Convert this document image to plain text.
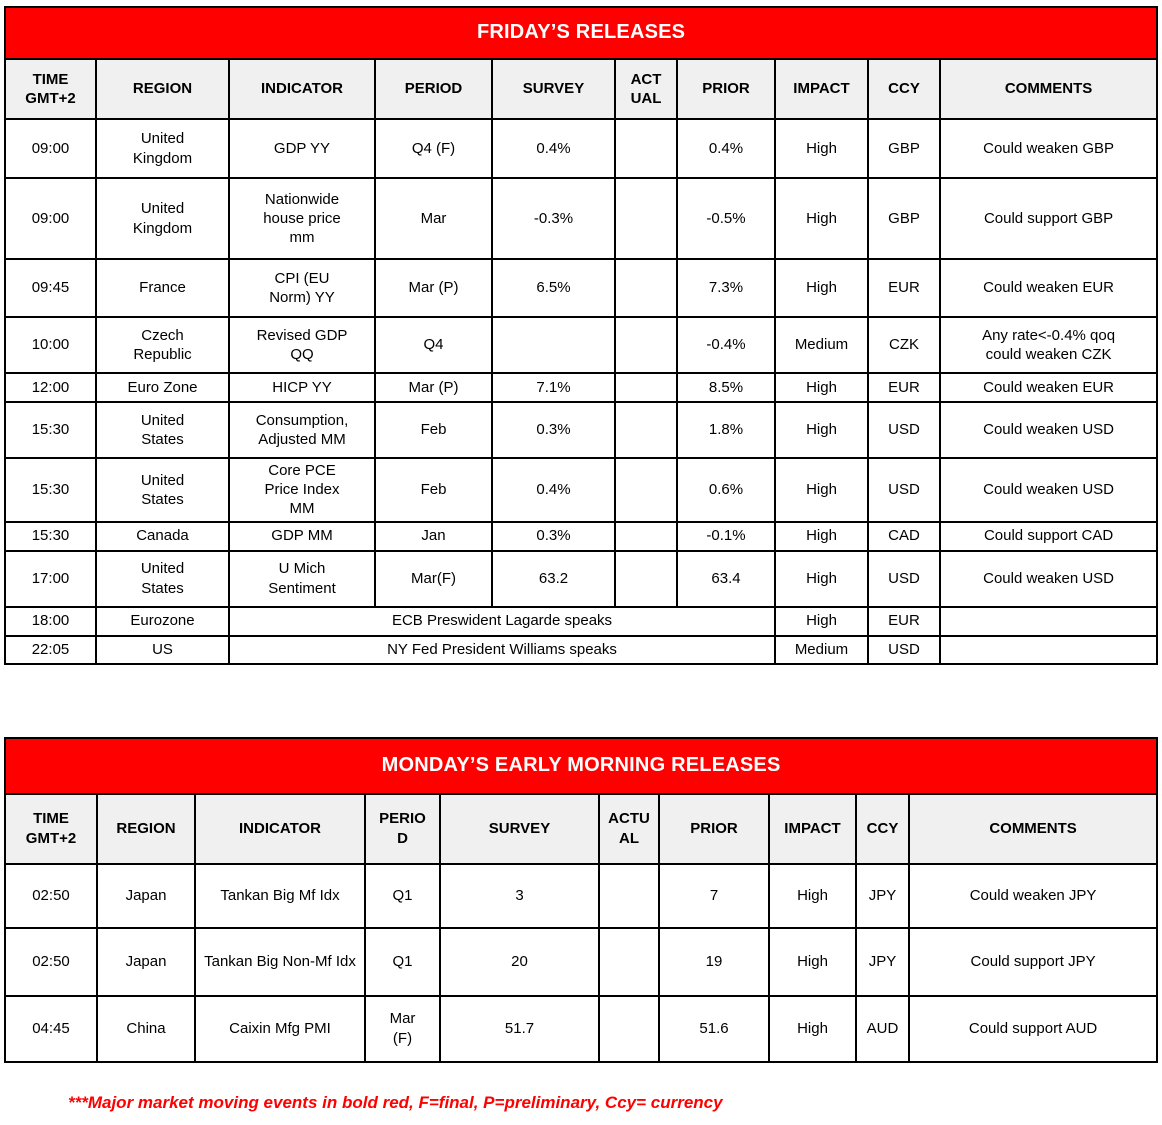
FRIDAY’S RELEASES									
TIME GMT+2	REGION	INDICATOR	PERIOD	SURVEY	ACTUAL	PRIOR	IMPACT	CCY	COMMENTS
09:00	United Kingdom	GDP YY	Q4 (F)	0.4%		0.4%	High	GBP	Could weaken GBP
09:00	United Kingdom	Nationwide house price mm	Mar	-0.3%		-0.5%	High	GBP	Could support GBP
09:45	France	CPI (EU Norm) YY	Mar (P)	6.5%		7.3%	High	EUR	Could weaken EUR
10:00	Czech Republic	Revised GDP QQ	Q4			-0.4%	Medium	CZK	Any rate<-0.4% qoq could weaken CZK
12:00	Euro Zone	HICP YY	Mar (P)	7.1%		8.5%	High	EUR	Could weaken EUR
15:30	United States	Consumption, Adjusted MM	Feb	0.3%		1.8%	High	USD	Could weaken USD
15:30	United States	Core PCE Price Index MM	Feb	0.4%		0.6%	High	USD	Could weaken USD
15:30	Canada	GDP MM	Jan	0.3%		-0.1%	High	CAD	Could support CAD
17:00	United States	U Mich Sentiment	Mar(F)	63.2		63.4	High	USD	Could weaken USD
18:00	Eurozone	ECB Preswident Lagarde speaks					High	EUR	
22:05	US	NY Fed President Williams speaks					Medium	USD	
MONDAY’S EARLY MORNING RELEASES									
TIME GMT+2	REGION	INDICATOR	PERIOD	SURVEY	ACTUAL	PRIOR	IMPACT	CCY	COMMENTS
02:50	Japan	Tankan Big Mf Idx	Q1	3		7	High	JPY	Could weaken JPY
02:50	Japan	Tankan Big Non-Mf Idx	Q1	20		19	High	JPY	Could support JPY
04:45	China	Caixin Mfg PMI	Mar (F)	51.7		51.6	High	AUD	Could support AUD
***Major market moving events in bold red, F=final, P=preliminary, Ccy= currency
